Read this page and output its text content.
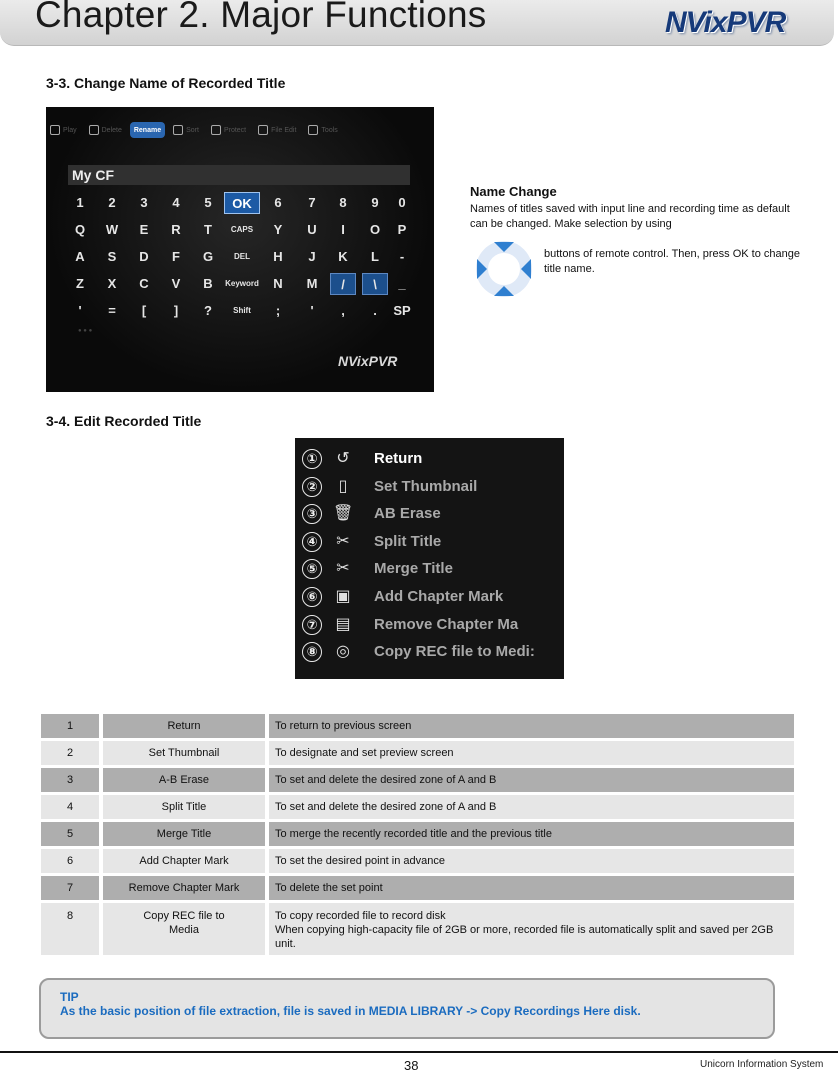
Chapter 2. Major Functions	NVixPVR
3-3. Change Name of Recorded Title
Play	Delete Rename	Sort	Protect	File Edit	Tools
My CF
1	2	3	4	5	OK	6	7	8	9	0
Q	W	E	R	T	CAPS	Y	U	I	O	P
A	S	D	F	G	DEL	H	J	K	L	-
Z	X	C	V	B	Keyword	N	M	/	\	_
'	=	[	]	?	Shift	;	'	,	.	SP
● ● ●
NVixPVR
Name Change
Names of titles saved with input line and recording time as default can be changed. Make selection by using
buttons of remote control. Then, press OK to change title name.
3-4. Edit Recorded Title
① ↺ Return
②	▯	Set Thumbnail
③ 🗑 AB Erase
④ ✂ Split Title
⑤ ✂ Merge Title
⑥ ▣ Add Chapter Mark
⑦ ▤ Remove Chapter Ma
⑧ ◎ Copy REC file to Medi:
1	Return	To return to previous screen

2	Set Thumbnail	To designate and set preview screen

3	A-B Erase	To set and delete the desired zone of A and B

4	Split Title	To set and delete the desired zone of A and B

5	Merge Title	To merge the recently recorded title and the previous title

6	Add Chapter Mark	To set the desired point in advance

7	Remove Chapter Mark	To delete the set point

8	Copy REC file to Media	To copy recorded file to record disk
When copying high-capacity file of 2GB or more, recorded file is automatically split and saved per 2GB unit.
TIP
As the basic position of file extraction, file is saved in MEDIA LIBRARY -> Copy Recordings Here disk.
38	Unicorn Information System
